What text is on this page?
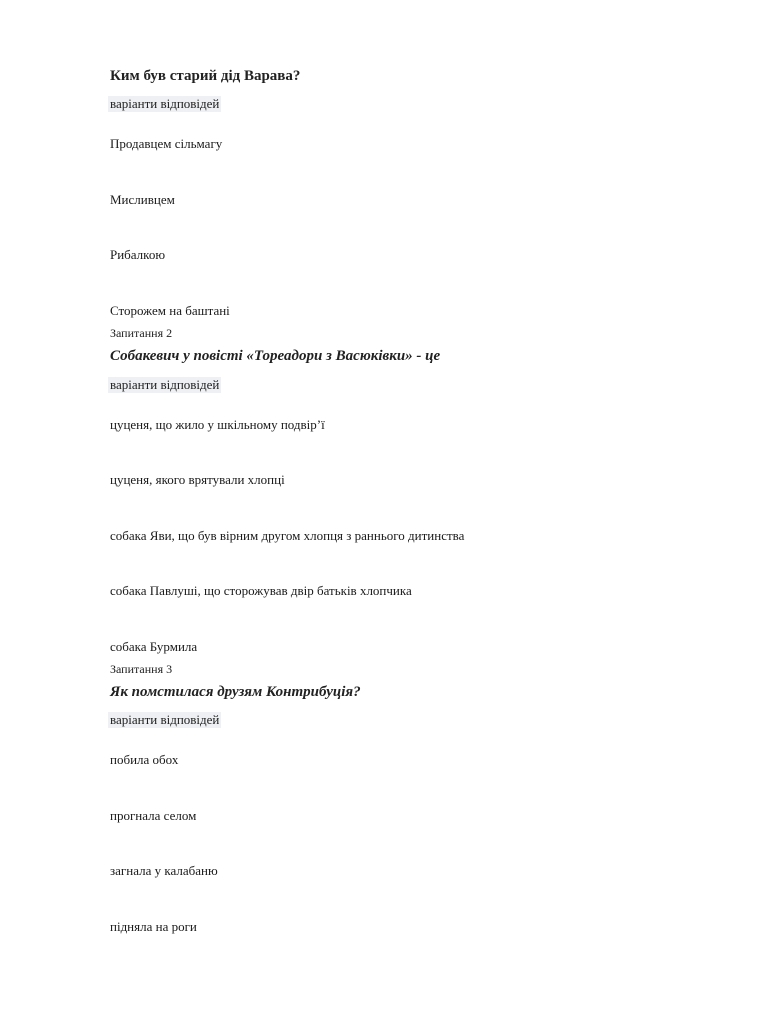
Ким був старий дід Варава?
варіанти відповідей
Продавцем сільмагу
Мисливцем
Рибалкою
Сторожем на баштані
Запитання 2
Собакевич у повісті «Тореадори з Васюківки» - це
варіанти відповідей
цуценя, що жило у шкільному подвір’ї
цуценя, якого врятували хлопці
собака Яви, що був вірним другом хлопця з раннього дитинства
собака Павлуші, що сторожував двір батьків хлопчика
собака Бурмила
Запитання 3
Як помстилася друзям Контрибуція?
варіанти відповідей
побила обох
прогнала селом
загнала у калабаню
підняла на роги
